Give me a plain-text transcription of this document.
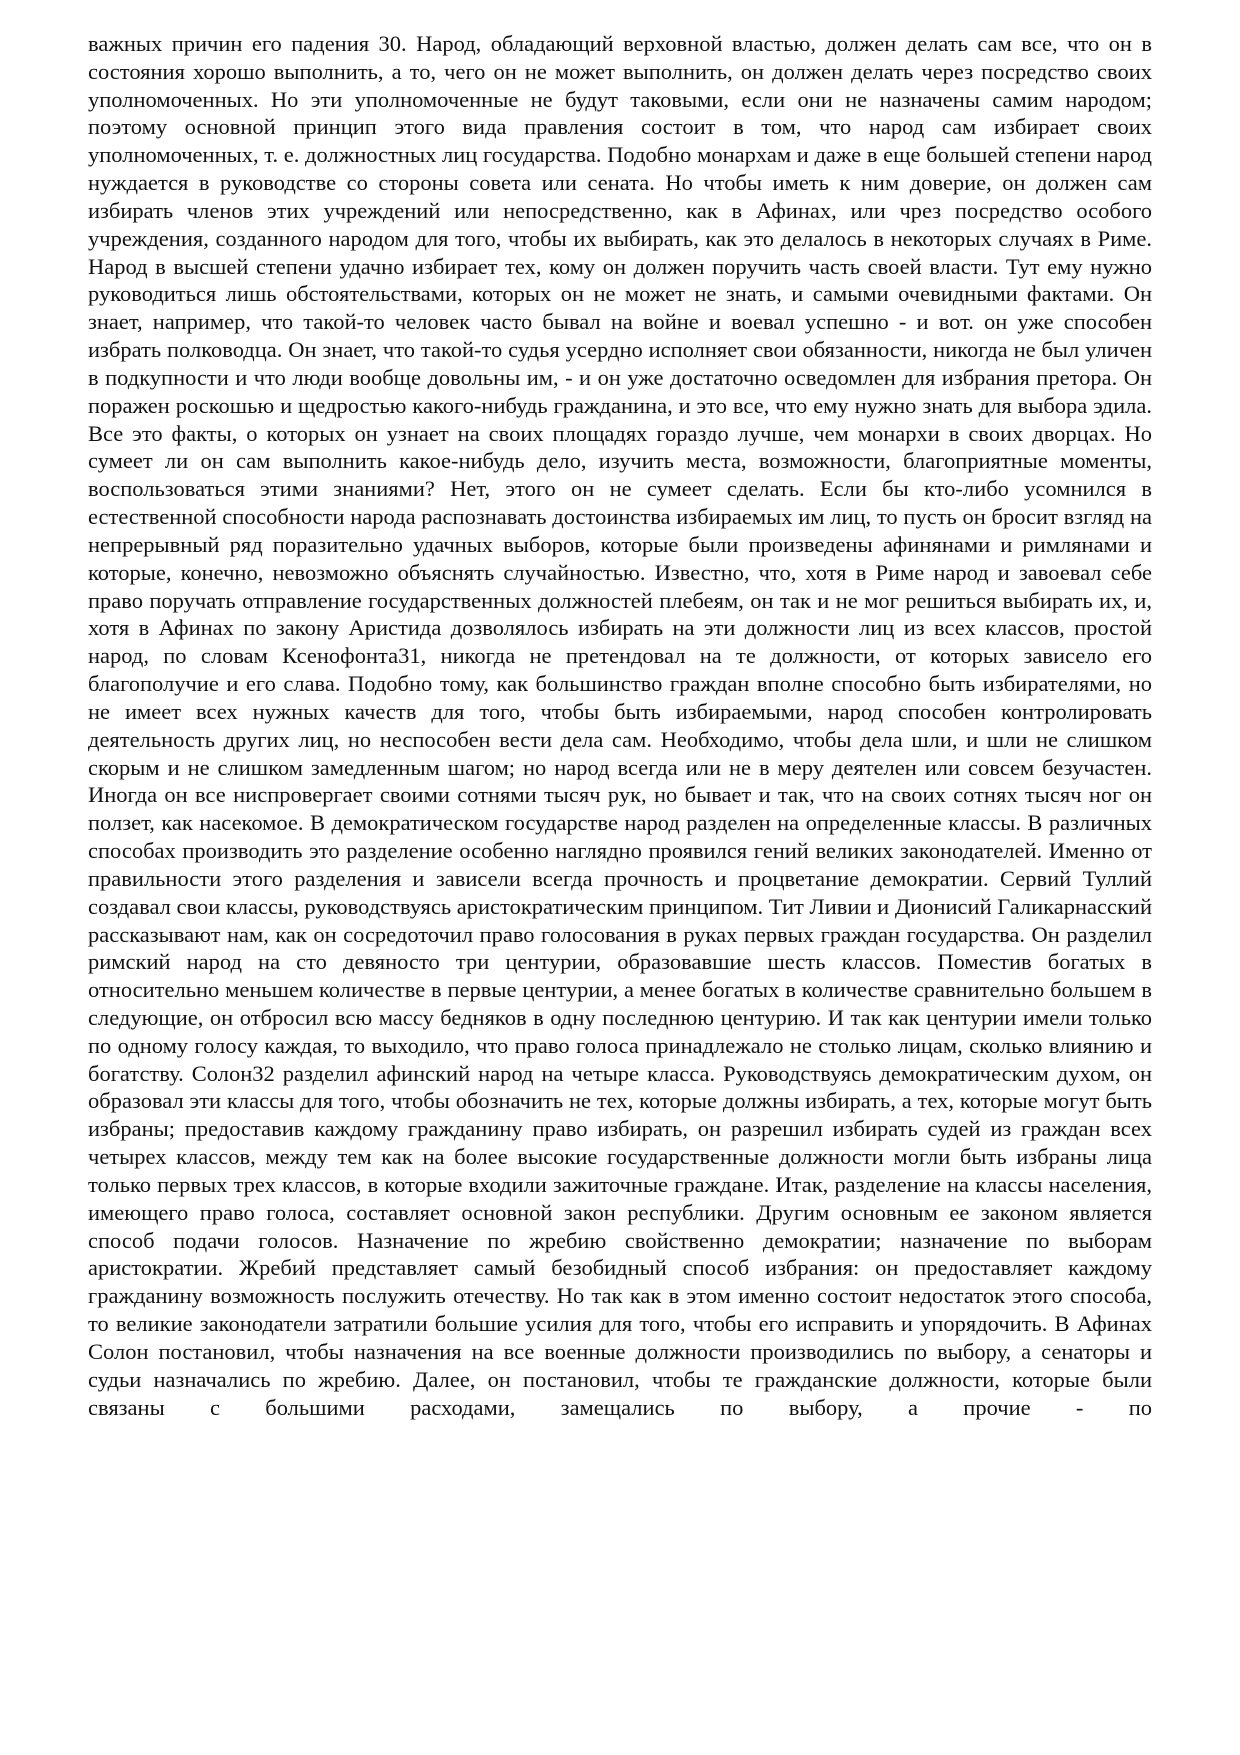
важных причин его падения 30. Народ, обладающий верховной властью, должен делать сам все, что он в состояния хорошо выполнить, а то, чего он не может выполнить, он должен делать через посредство своих уполномоченных. Но эти уполномоченные не будут таковыми, если они не назначены самим народом; поэтому основной принцип этого вида правления состоит в том, что народ сам избирает своих уполномоченных, т. е. должностных лиц государства. Подобно монархам и даже в еще большей степени народ нуждается в руководстве со стороны совета или сената. Но чтобы иметь к ним доверие, он должен сам избирать членов этих учреждений или непосредственно, как в Афинах, или чрез посредство особого учреждения, созданного народом для того, чтобы их выбирать, как это делалось в некоторых случаях в Риме. Народ в высшей степени удачно избирает тех, кому он должен поручить часть своей власти. Тут ему нужно руководиться лишь обстоятельствами, которых он не может не знать, и самыми очевидными фактами. Он знает, например, что такой-то человек часто бывал на войне и воевал успешно - и вот. он уже способен избрать полководца. Он знает, что такой-то судья усердно исполняет свои обязанности, никогда не был уличен в подкупности и что люди вообще довольны им, - и он уже достаточно осведомлен для избрания претора. Он поражен роскошью и щедростью какого-нибудь гражданина, и это все, что ему нужно знать для выбора эдила. Все это факты, о которых он узнает на своих площадях гораздо лучше, чем монархи в своих дворцах. Но сумеет ли он сам выполнить какое-нибудь дело, изучить места, возможности, благоприятные моменты, воспользоваться этими знаниями? Нет, этого он не сумеет сделать. Если бы кто-либо усомнился в естественной способности народа распознавать достоинства избираемых им лиц, то пусть он бросит взгляд на непрерывный ряд поразительно удачных выборов, которые были произведены афинянами и римлянами и которые, конечно, невозможно объяснять случайностью. Известно, что, хотя в Риме народ и завоевал себе право поручать отправление государственных должностей плебеям, он так и не мог решиться выбирать их, и, хотя в Афинах по закону Аристида дозволялось избирать на эти должности лиц из всех классов, простой народ, по словам Ксенофонта31, никогда не претендовал на те должности, от которых зависело его благополучие и его слава. Подобно тому, как большинство граждан вполне способно быть избирателями, но не имеет всех нужных качеств для того, чтобы быть избираемыми, народ способен контролировать деятельность других лиц, но неспособен вести дела сам. Необходимо, чтобы дела шли, и шли не слишком скорым и не слишком замедленным шагом; но народ всегда или не в меру деятелен или совсем безучастен. Иногда он все ниспровергает своими сотнями тысяч рук, но бывает и так, что на своих сотнях тысяч ног он ползет, как насекомое. В демократическом государстве народ разделен на определенные классы. В различных способах производить это разделение особенно наглядно проявился гений великих законодателей. Именно от правильности этого разделения и зависели всегда прочность и процветание демократии. Сервий Туллий создавал свои классы, руководствуясь аристократическим принципом. Тит Ливии и Дионисий Галикарнасский рассказывают нам, как он сосредоточил право голосования в руках первых граждан государства. Он разделил римский народ на сто девяносто три центурии, образовавшие шесть классов. Поместив богатых в относительно меньшем количестве в первые центурии, а менее богатых в количестве сравнительно большем в следующие, он отбросил всю массу бедняков в одну последнюю центурию. И так как центурии имели только по одному голосу каждая, то выходило, что право голоса принадлежало не столько лицам, сколько влиянию и богатству. Солон32 разделил афинский народ на четыре класса. Руководствуясь демократическим духом, он образовал эти классы для того, чтобы обозначить не тех, которые должны избирать, а тех, которые могут быть избраны; предоставив каждому гражданину право избирать, он разрешил избирать судей из граждан всех четырех классов, между тем как на более высокие государственные должности могли быть избраны лица только первых трех классов, в которые входили зажиточные граждане. Итак, разделение на классы населения, имеющего право голоса, составляет основной закон республики. Другим основным ее законом является способ подачи голосов. Назначение по жребию свойственно демократии; назначение по выборам аристократии. Жребий представляет самый безобидный способ избрания: он предоставляет каждому гражданину возможность послужить отечеству. Но так как в этом именно состоит недостаток этого способа, то великие законодатели затратили большие усилия для того, чтобы его исправить и упорядочить. В Афинах Солон постановил, чтобы назначения на все военные должности производились по выбору, а сенаторы и судьи назначались по жребию. Далее, он постановил, чтобы те гражданские должности, которые были связаны с большими расходами, замещались по выбору, а прочие - по
